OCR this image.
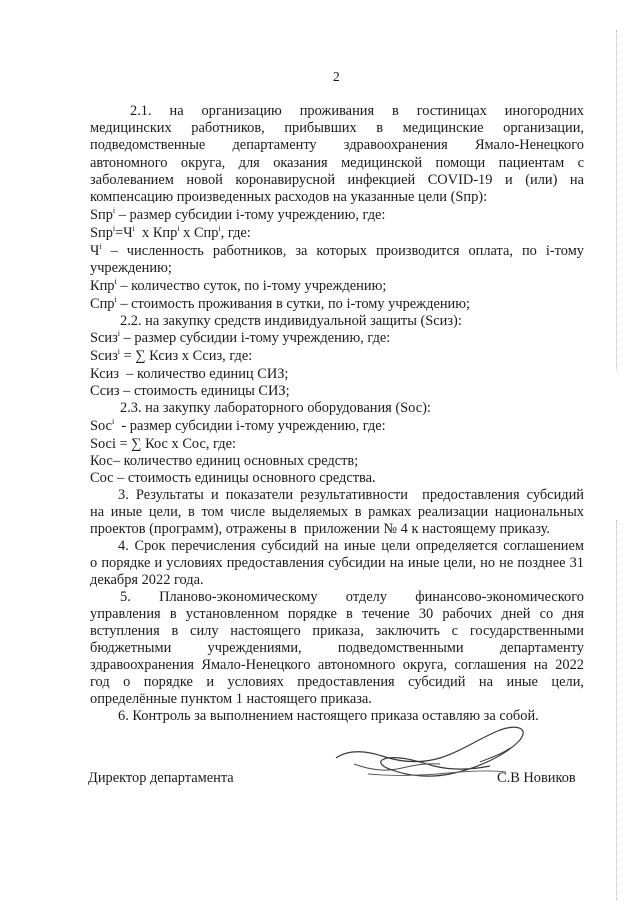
2
2.1. на организацию проживания в гостиницах иногородних
медицинских работников, прибывших в медицинские организации,
подведомственные департаменту здравоохранения Ямало-Ненецкого
автономного округа, для оказания медицинской помощи пациентам с
заболеванием новой коронавирусной инфекцией COVID-19 и (или) на
компенсацию произведенных расходов на указанные цели (Sпр):
Sпр$^i$ – размер субсидии i-тому учреждению, где:
$Sпр^i=Ч^i$  x Кпр$^i$ x Спр$^i$, где:
$Ч^i$ – численность работников, за которых производится оплата, по i-тому
учреждению;
Кпр$^i$ – количество суток, по i-тому учреждению;
Спр$^i$ – стоимость проживания в сутки, по i-тому учреждению;
2.2. на закупку средств индивидуальной защиты (Sсиз):
Sсиз$^i$ – размер субсидии i-тому учреждению, где:
Sсиз$^i$ = ∑ Ксиз х Ссиз, где:
Ксиз  – количество единиц СИЗ;
Ссиз – стоимость единицы СИЗ;
2.3. на закупку лабораторного оборудования (Sос):
Sос$^i$  - размер субсидии i-тому учреждению, где:
Sосi = ∑ Кос х Сос, где:
Кос– количество единиц основных средств;
Сос – стоимость единицы основного средства.
3. Результаты и показатели результативности  предоставления субсидий
на иные цели, в том числе выделяемых в рамках реализации национальных
проектов (программ), отражены в  приложении № 4 к настоящему приказу.
4. Срок перечисления субсидий на иные цели определяется соглашением
о порядке и условиях предоставления субсидии на иные цели, но не позднее 31
декабря 2022 года.
5.  Планово-экономическому  отделу  финансово-экономического
управления в установленном порядке в течение 30 рабочих дней со дня
вступления в силу настоящего приказа, заключить с государственными
бюджетными учреждениями, подведомственными департаменту
здравоохранения Ямало-Ненецкого автономного округа, соглашения на 2022
год о порядке и условиях предоставления субсидий на иные цели,
определённые пунктом 1 настоящего приказа.
6. Контроль за выполнением настоящего приказа оставляю за собой.
Директор департамента	С.В Новиков
